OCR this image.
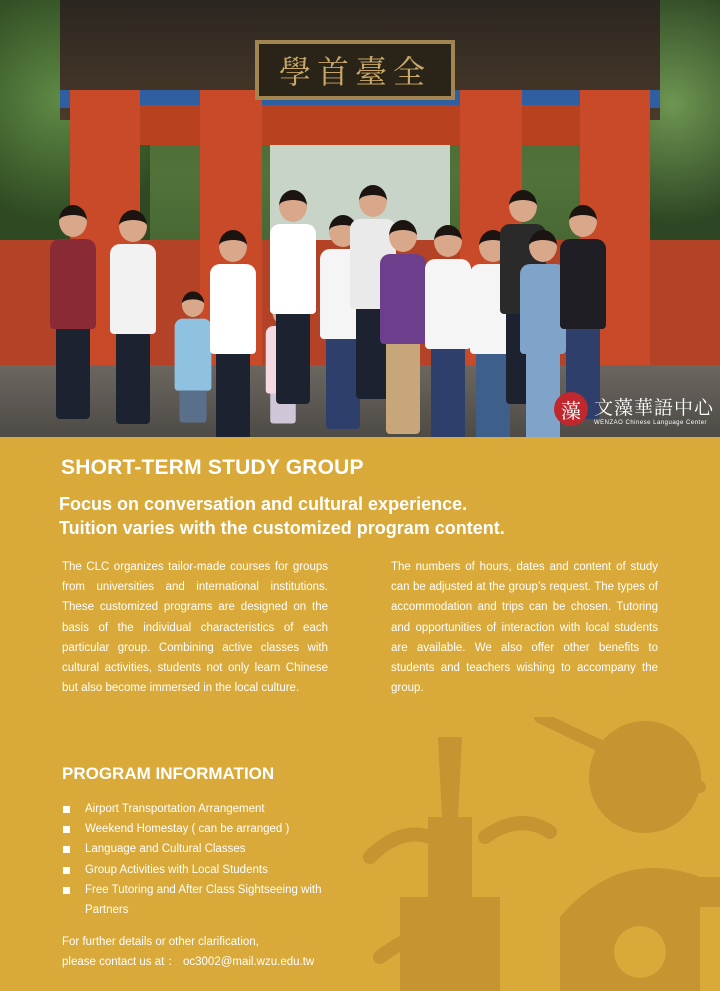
學首臺全
藻 文藻華語中心
WENZAO Chinese Language Center
SHORT-TERM STUDY GROUP
Focus on conversation and cultural experience.
Tuition varies with the customized program content.

The CLC organizes tailor-made courses for groups from universities and international institutions. These customized programs are designed on the basis of the individual characteristics of each particular group. Combining active classes with cultural activities, students not only learn Chinese but also become immersed in the local culture.

The numbers of hours, dates and content of study can be adjusted at the group’s request. The types of accommodation and trips can be chosen. Tutoring and opportunities of interaction with local students are available. We also offer other benefits to students and teachers wishing to accompany the group.

PROGRAM INFORMATION
Airport Transportation Arrangement
Weekend Homestay ( can be arranged )
Language and Cultural Classes
Group Activities with Local Students
Free Tutoring and After Class Sightseeing with Partners
For further details or other clarification,
please contact us at ： oc3002@mail.wzu.edu.tw
